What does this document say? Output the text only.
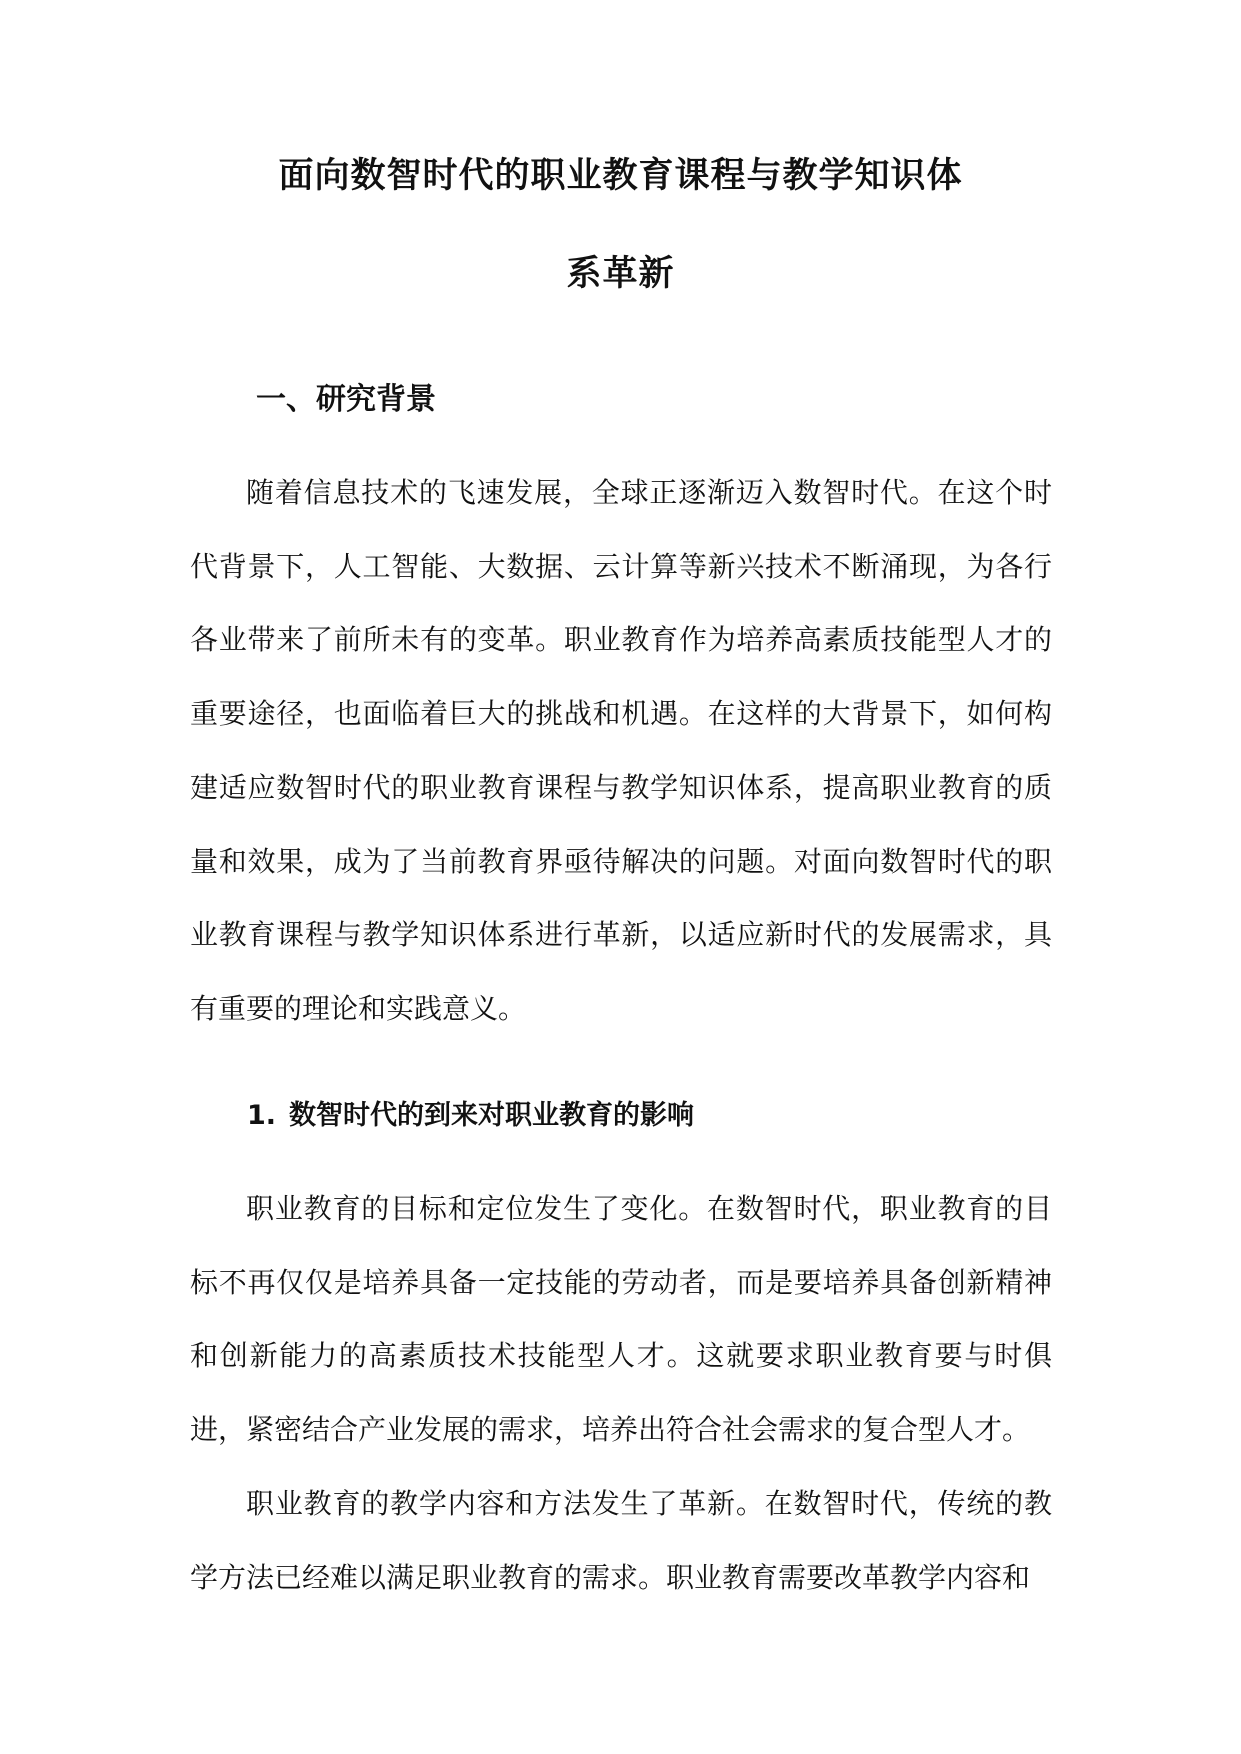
面向数智时代的职业教育课程与教学知识体
系革新
一、研究背景

随着信息技术的飞速发展，全球正逐渐迈入数智时代。在这个时代背景下，人工智能、大数据、云计算等新兴技术不断涌现，为各行各业带来了前所未有的变革。职业教育作为培养高素质技能型人才的重要途径，也面临着巨大的挑战和机遇。在这样的大背景下，如何构建适应数智时代的职业教育课程与教学知识体系，提高职业教育的质量和效果，成为了当前教育界亟待解决的问题。对面向数智时代的职业教育课程与教学知识体系进行革新，以适应新时代的发展需求，具有重要的理论和实践意义。

1. 数智时代的到来对职业教育的影响

职业教育的目标和定位发生了变化。在数智时代，职业教育的目标不再仅仅是培养具备一定技能的劳动者，而是要培养具备创新精神和创新能力的高素质技术技能型人才。这就要求职业教育要与时俱进，紧密结合产业发展的需求，培养出符合社会需求的复合型人才。

职业教育的教学内容和方法发生了革新。在数智时代，传统的教学方法已经难以满足职业教育的需求。职业教育需要改革教学内容和
